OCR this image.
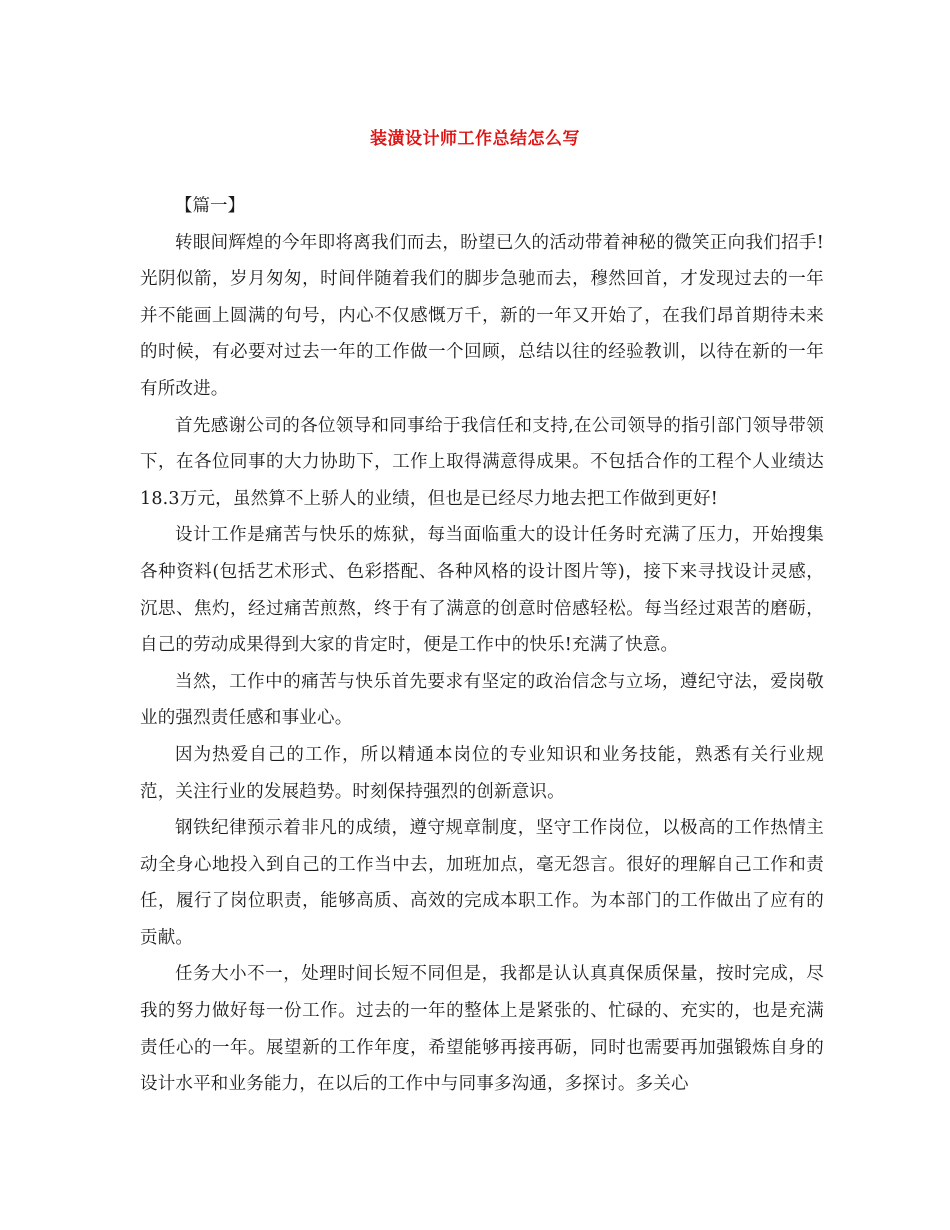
装潢设计师工作总结怎么写

【篇一】

转眼间辉煌的今年即将离我们而去，盼望已久的活动带着神秘的微笑正向我们招手!光阴似箭，岁月匆匆，时间伴随着我们的脚步急驰而去，穆然回首，才发现过去的一年并不能画上圆满的句号，内心不仅感慨万千，新的一年又开始了，在我们昂首期待未来的时候，有必要对过去一年的工作做一个回顾，总结以往的经验教训，以待在新的一年有所改进。

首先感谢公司的各位领导和同事给于我信任和支持,在公司领导的指引部门领导带领下，在各位同事的大力协助下，工作上取得满意得成果。不包括合作的工程个人业绩达18.3万元，虽然算不上骄人的业绩，但也是已经尽力地去把工作做到更好!

设计工作是痛苦与快乐的炼狱，每当面临重大的设计任务时充满了压力，开始搜集各种资料(包括艺术形式、色彩搭配、各种风格的设计图片等)，接下来寻找设计灵感，沉思、焦灼，经过痛苦煎熬，终于有了满意的创意时倍感轻松。每当经过艰苦的磨砺，自己的劳动成果得到大家的肯定时，便是工作中的快乐!充满了快意。

当然，工作中的痛苦与快乐首先要求有坚定的政治信念与立场，遵纪守法，爱岗敬业的强烈责任感和事业心。

因为热爱自己的工作，所以精通本岗位的专业知识和业务技能，熟悉有关行业规范，关注行业的发展趋势。时刻保持强烈的创新意识。

钢铁纪律预示着非凡的成绩，遵守规章制度，坚守工作岗位，以极高的工作热情主动全身心地投入到自己的工作当中去，加班加点，毫无怨言。很好的理解自己工作和责任，履行了岗位职责，能够高质、高效的完成本职工作。为本部门的工作做出了应有的贡献。

任务大小不一，处理时间长短不同但是，我都是认认真真保质保量，按时完成，尽我的努力做好每一份工作。过去的一年的整体上是紧张的、忙碌的、充实的，也是充满责任心的一年。展望新的工作年度，希望能够再接再砺，同时也需要再加强锻炼自身的设计水平和业务能力，在以后的工作中与同事多沟通，多探讨。多关心
